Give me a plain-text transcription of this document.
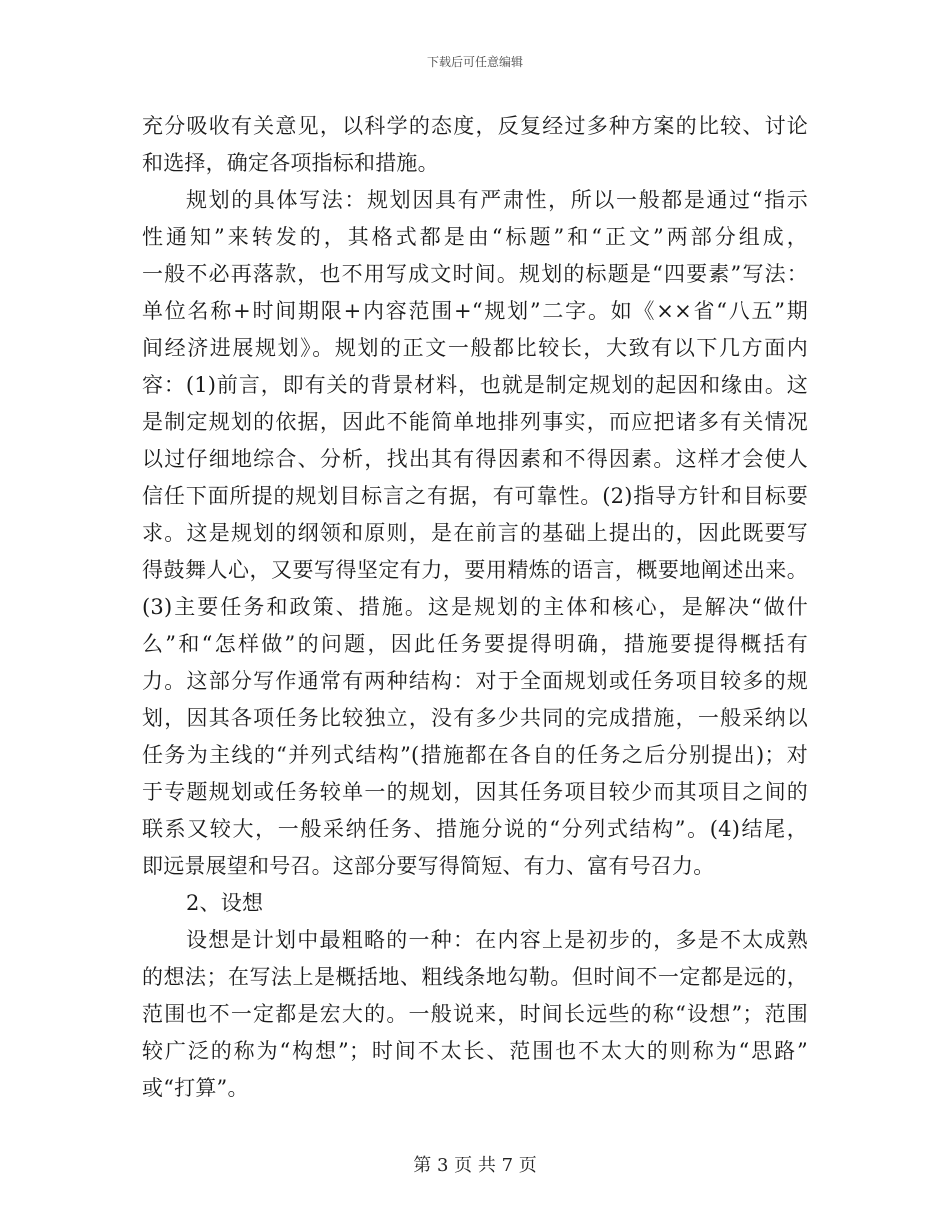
下载后可任意编辑
充分吸收有关意见，以科学的态度，反复经过多种方案的比较、讨论
和选择，确定各项指标和措施。
规划的具体写法：规划因具有严肃性，所以一般都是通过“指示
性通知”来转发的，其格式都是由“标题”和“正文”两部分组成，
一般不必再落款，也不用写成文时间。规划的标题是“四要素”写法：
单位名称+时间期限+内容范围+“规划”二字。如《××省“八五”期
间经济进展规划》。规划的正文一般都比较长，大致有以下几方面内
容：(1)前言，即有关的背景材料，也就是制定规划的起因和缘由。这
是制定规划的依据，因此不能简单地排列事实，而应把诸多有关情况
以过仔细地综合、分析，找出其有得因素和不得因素。这样才会使人
信任下面所提的规划目标言之有据，有可靠性。(2)指导方针和目标要
求。这是规划的纲领和原则，是在前言的基础上提出的，因此既要写
得鼓舞人心，又要写得坚定有力，要用精炼的语言，概要地阐述出来。
(3)主要任务和政策、措施。这是规划的主体和核心，是解决“做什
么”和“怎样做”的问题，因此任务要提得明确，措施要提得概括有
力。这部分写作通常有两种结构：对于全面规划或任务项目较多的规
划，因其各项任务比较独立，没有多少共同的完成措施，一般采纳以
任务为主线的“并列式结构”(措施都在各自的任务之后分别提出)；对
于专题规划或任务较单一的规划，因其任务项目较少而其项目之间的
联系又较大，一般采纳任务、措施分说的“分列式结构”。(4)结尾，
即远景展望和号召。这部分要写得简短、有力、富有号召力。
2、设想
设想是计划中最粗略的一种：在内容上是初步的，多是不太成熟
的想法；在写法上是概括地、粗线条地勾勒。但时间不一定都是远的，
范围也不一定都是宏大的。一般说来，时间长远些的称“设想”；范围
较广泛的称为“构想”；时间不太长、范围也不太大的则称为“思路”
或“打算”。
第 3 页 共 7 页
